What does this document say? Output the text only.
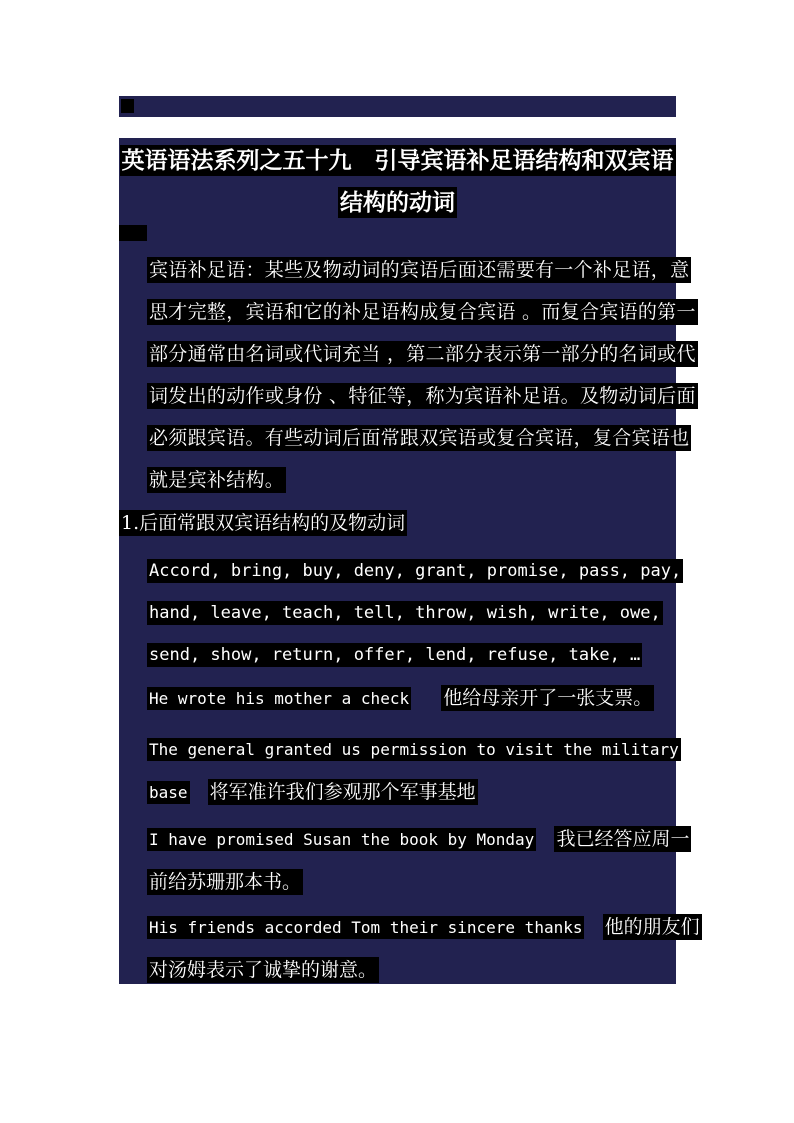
英语语法系列之五十九　引导宾语补足语结构和双宾语结构的动词
宾语补足语：某些及物动词的宾语后面还需要有一个补足语，意思才完整，宾语和它的补足语构成复合宾语 。而复合宾语的第一部分通常由名词或代词充当 ，第二部分表示第一部分的名词或代词发出的动作或身份 、特征等，称为宾语补足语。及物动词后面必须跟宾语。有些动词后面常跟双宾语或复合宾语，复合宾语也就是宾补结构。
1.后面常跟双宾语结构的及物动词
Accord, bring, buy, deny, grant, promise, pass, pay, hand, leave, teach, tell, throw, wish, write, owe, send, show, return, offer, lend, refuse, take, …
He wrote his mother a check 他给母亲开了一张支票。
The general granted us permission to visit the military base 将军准许我们参观那个军事基地
I have promised Susan the book by Monday 我已经答应周一前给苏珊那本书。
His friends accorded Tom their sincere thanks 他的朋友们对汤姆表示了诚挚的谢意。
